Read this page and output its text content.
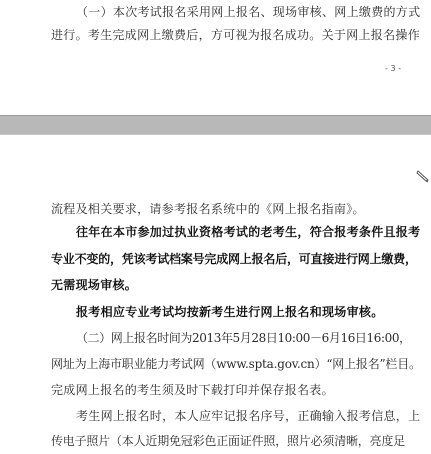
（一）本次考试报名采用网上报名、现场审核、网上缴费的方式
进行。考生完成网上缴费后，方可视为报名成功。关于网上报名操作
- 3 -
流程及相关要求，请参考报名系统中的《网上报名指南》。
往年在本市参加过执业资格考试的老考生，符合报考条件且报考
专业不变的，凭该考试档案号完成网上报名后，可直接进行网上缴费，
无需现场审核。
报考相应专业考试均按新考生进行网上报名和现场审核。
（二）网上报名时间为2013年5月28日10:00－6月16日16:00，
网址为上海市职业能力考试网（www.spta.gov.cn）“网上报名”栏目。
完成网上报名的考生须及时下载打印并保存报名表。
考生网上报名时，本人应牢记报名序号，正确输入报考信息，上
传电子照片（本人近期免冠彩色正面证件照，照片必须清晰，亮度足
